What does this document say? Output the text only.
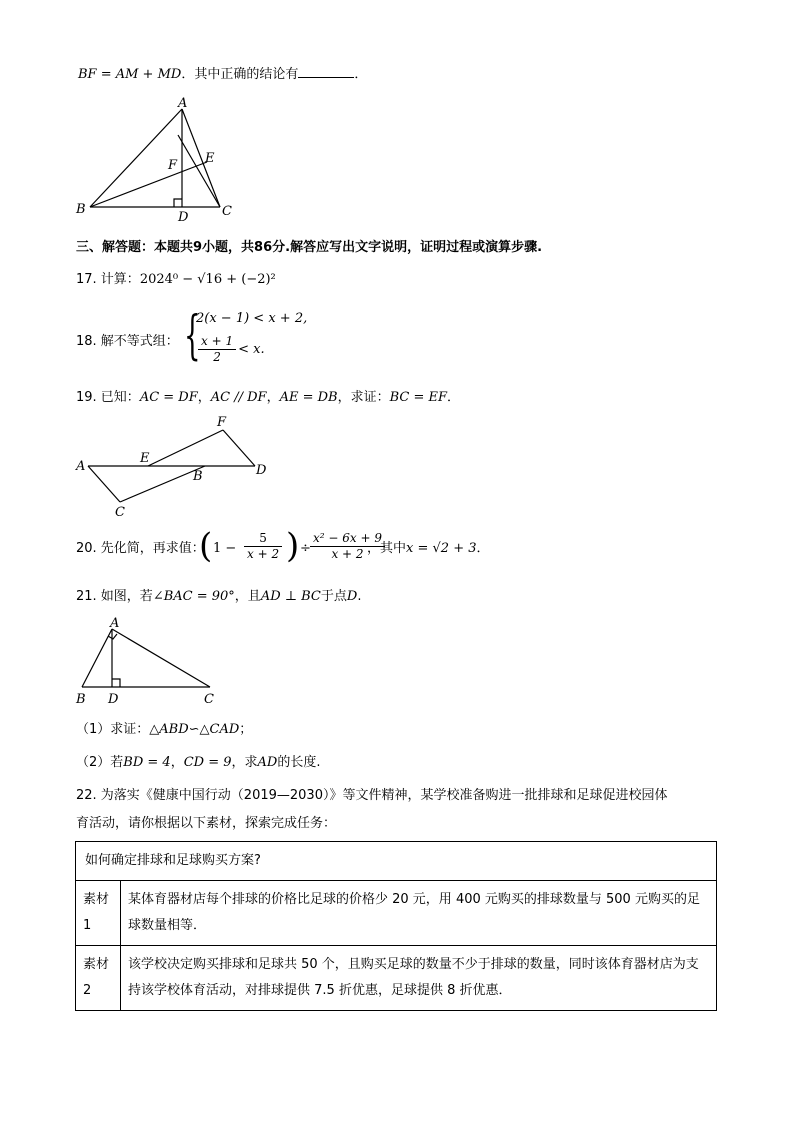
BF = AM + MD．其中正确的结论有	．
A
E
F
B
D	C
三、解答题：本题共9小题，共86分.解答应写出文字说明，证明过程或演算步骤.
17. 计算：2024⁰ − √16 + (−2)²
18. 解不等式组： {
2(x − 1) < x + 2,
$\frac{x + 1}{2} < x$.
19. 已知：AC = DF，AC // DF，AE = DB，求证：BC = EF．
F
A
E
B	D
C
20. 先化简，再求值：
( $1 - \frac{5}{x + 2}$ ) ÷ $\frac{\text{x² − 6x + 9}}{x + 2}$
，其中x = √2 + 3．
21. 如图，若∠BAC = 90°，且AD ⊥ BC于点D.
A
B D	C
（1）求证：△ABD∽△CAD；
（2）若BD = 4，CD = 9，求AD的长度.
22. 为落实《健康中国行动（2019—2030）》等文件精神，某学校准备购进一批排球和足球促进校园体
育活动，请你根据以下素材，探索完成任务：
如何确定排球和足球购买方案?	
素材1	某体育器材店每个排球的价格比足球的价格少 20 元，用 400 元购买的排球数量与 500 元购买的足球数量相等．
素材2	该学校决定购买排球和足球共 50 个，且购买足球的数量不少于排球的数量，同时该体育器材店为支持该学校体育活动，对排球提供 7.5 折优惠，足球提供 8 折优惠．
